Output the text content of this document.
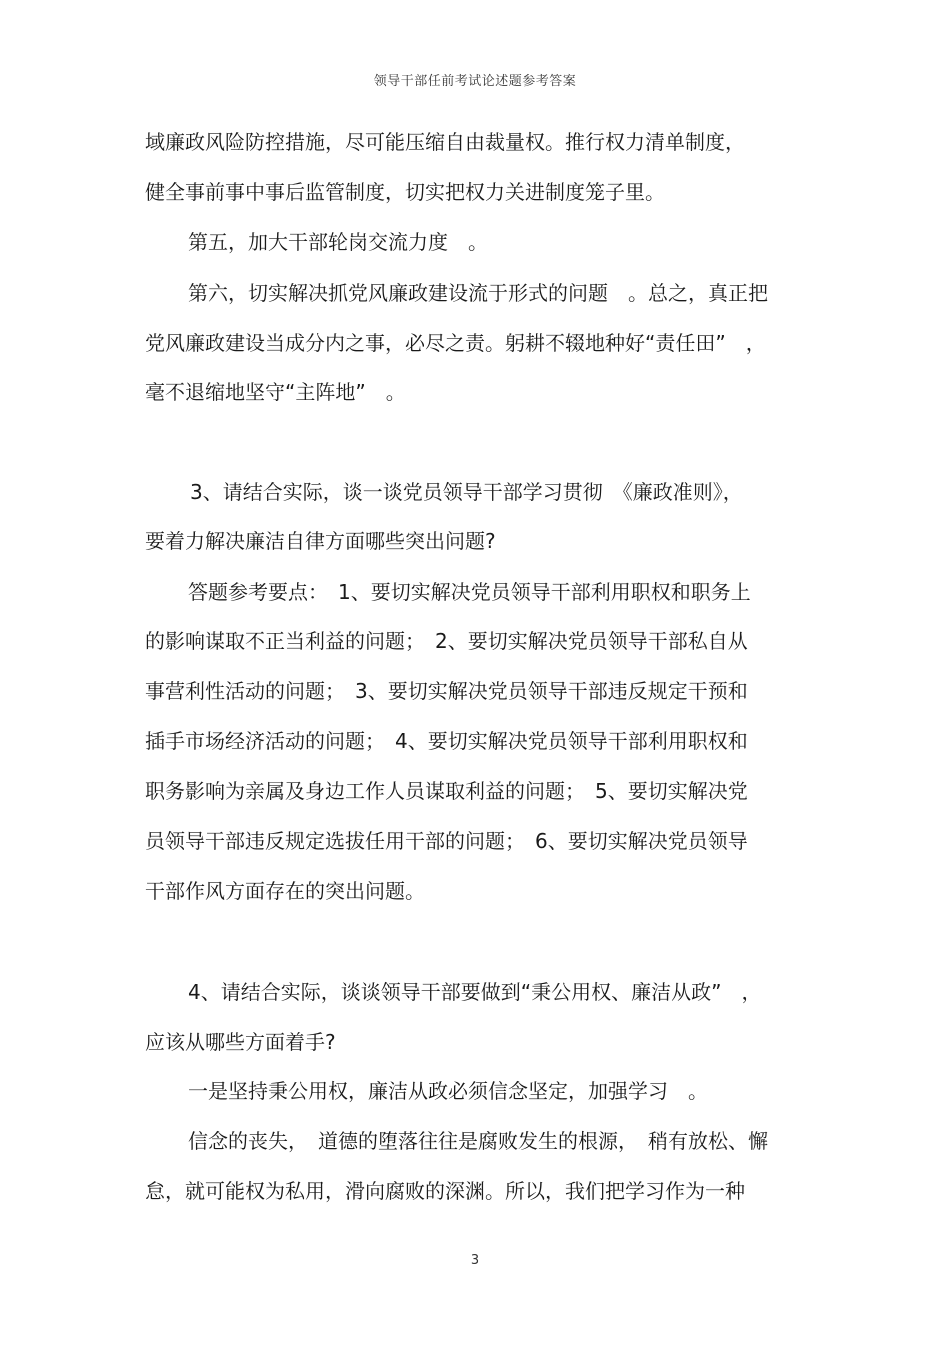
领导干部任前考试论述题参考答案
域廉政风险防控措施，尽可能压缩自由裁量权。推行权力清单制度，
健全事前事中事后监管制度，切实把权力关进制度笼子里。
第五，加大干部轮岗交流力度　。
第六，切实解决抓党风廉政建设流于形式的问题　。总之，真正把
党风廉政建设当成分内之事，必尽之责。躬耕不辍地种好“责任田”　，
毫不退缩地坚守“主阵地”　。
3、请结合实际，谈一谈党员领导干部学习贯彻　《廉政准则》，
要着力解决廉洁自律方面哪些突出问题?
答题参考要点：　1、要切实解决党员领导干部利用职权和职务上
的影响谋取不正当利益的问题；　2、要切实解决党员领导干部私自从
事营利性活动的问题；　3、要切实解决党员领导干部违反规定干预和
插手市场经济活动的问题；　4、要切实解决党员领导干部利用职权和
职务影响为亲属及身边工作人员谋取利益的问题；　5、要切实解决党
员领导干部违反规定选拔任用干部的问题；　6、要切实解决党员领导
干部作风方面存在的突出问题。
4、请结合实际，谈谈领导干部要做到“秉公用权、廉洁从政”　，
应该从哪些方面着手?
一是坚持秉公用权，廉洁从政必须信念坚定，加强学习　。
信念的丧失，　道德的堕落往往是腐败发生的根源，　稍有放松、懈
怠，就可能权为私用，滑向腐败的深渊。所以，我们把学习作为一种
3
